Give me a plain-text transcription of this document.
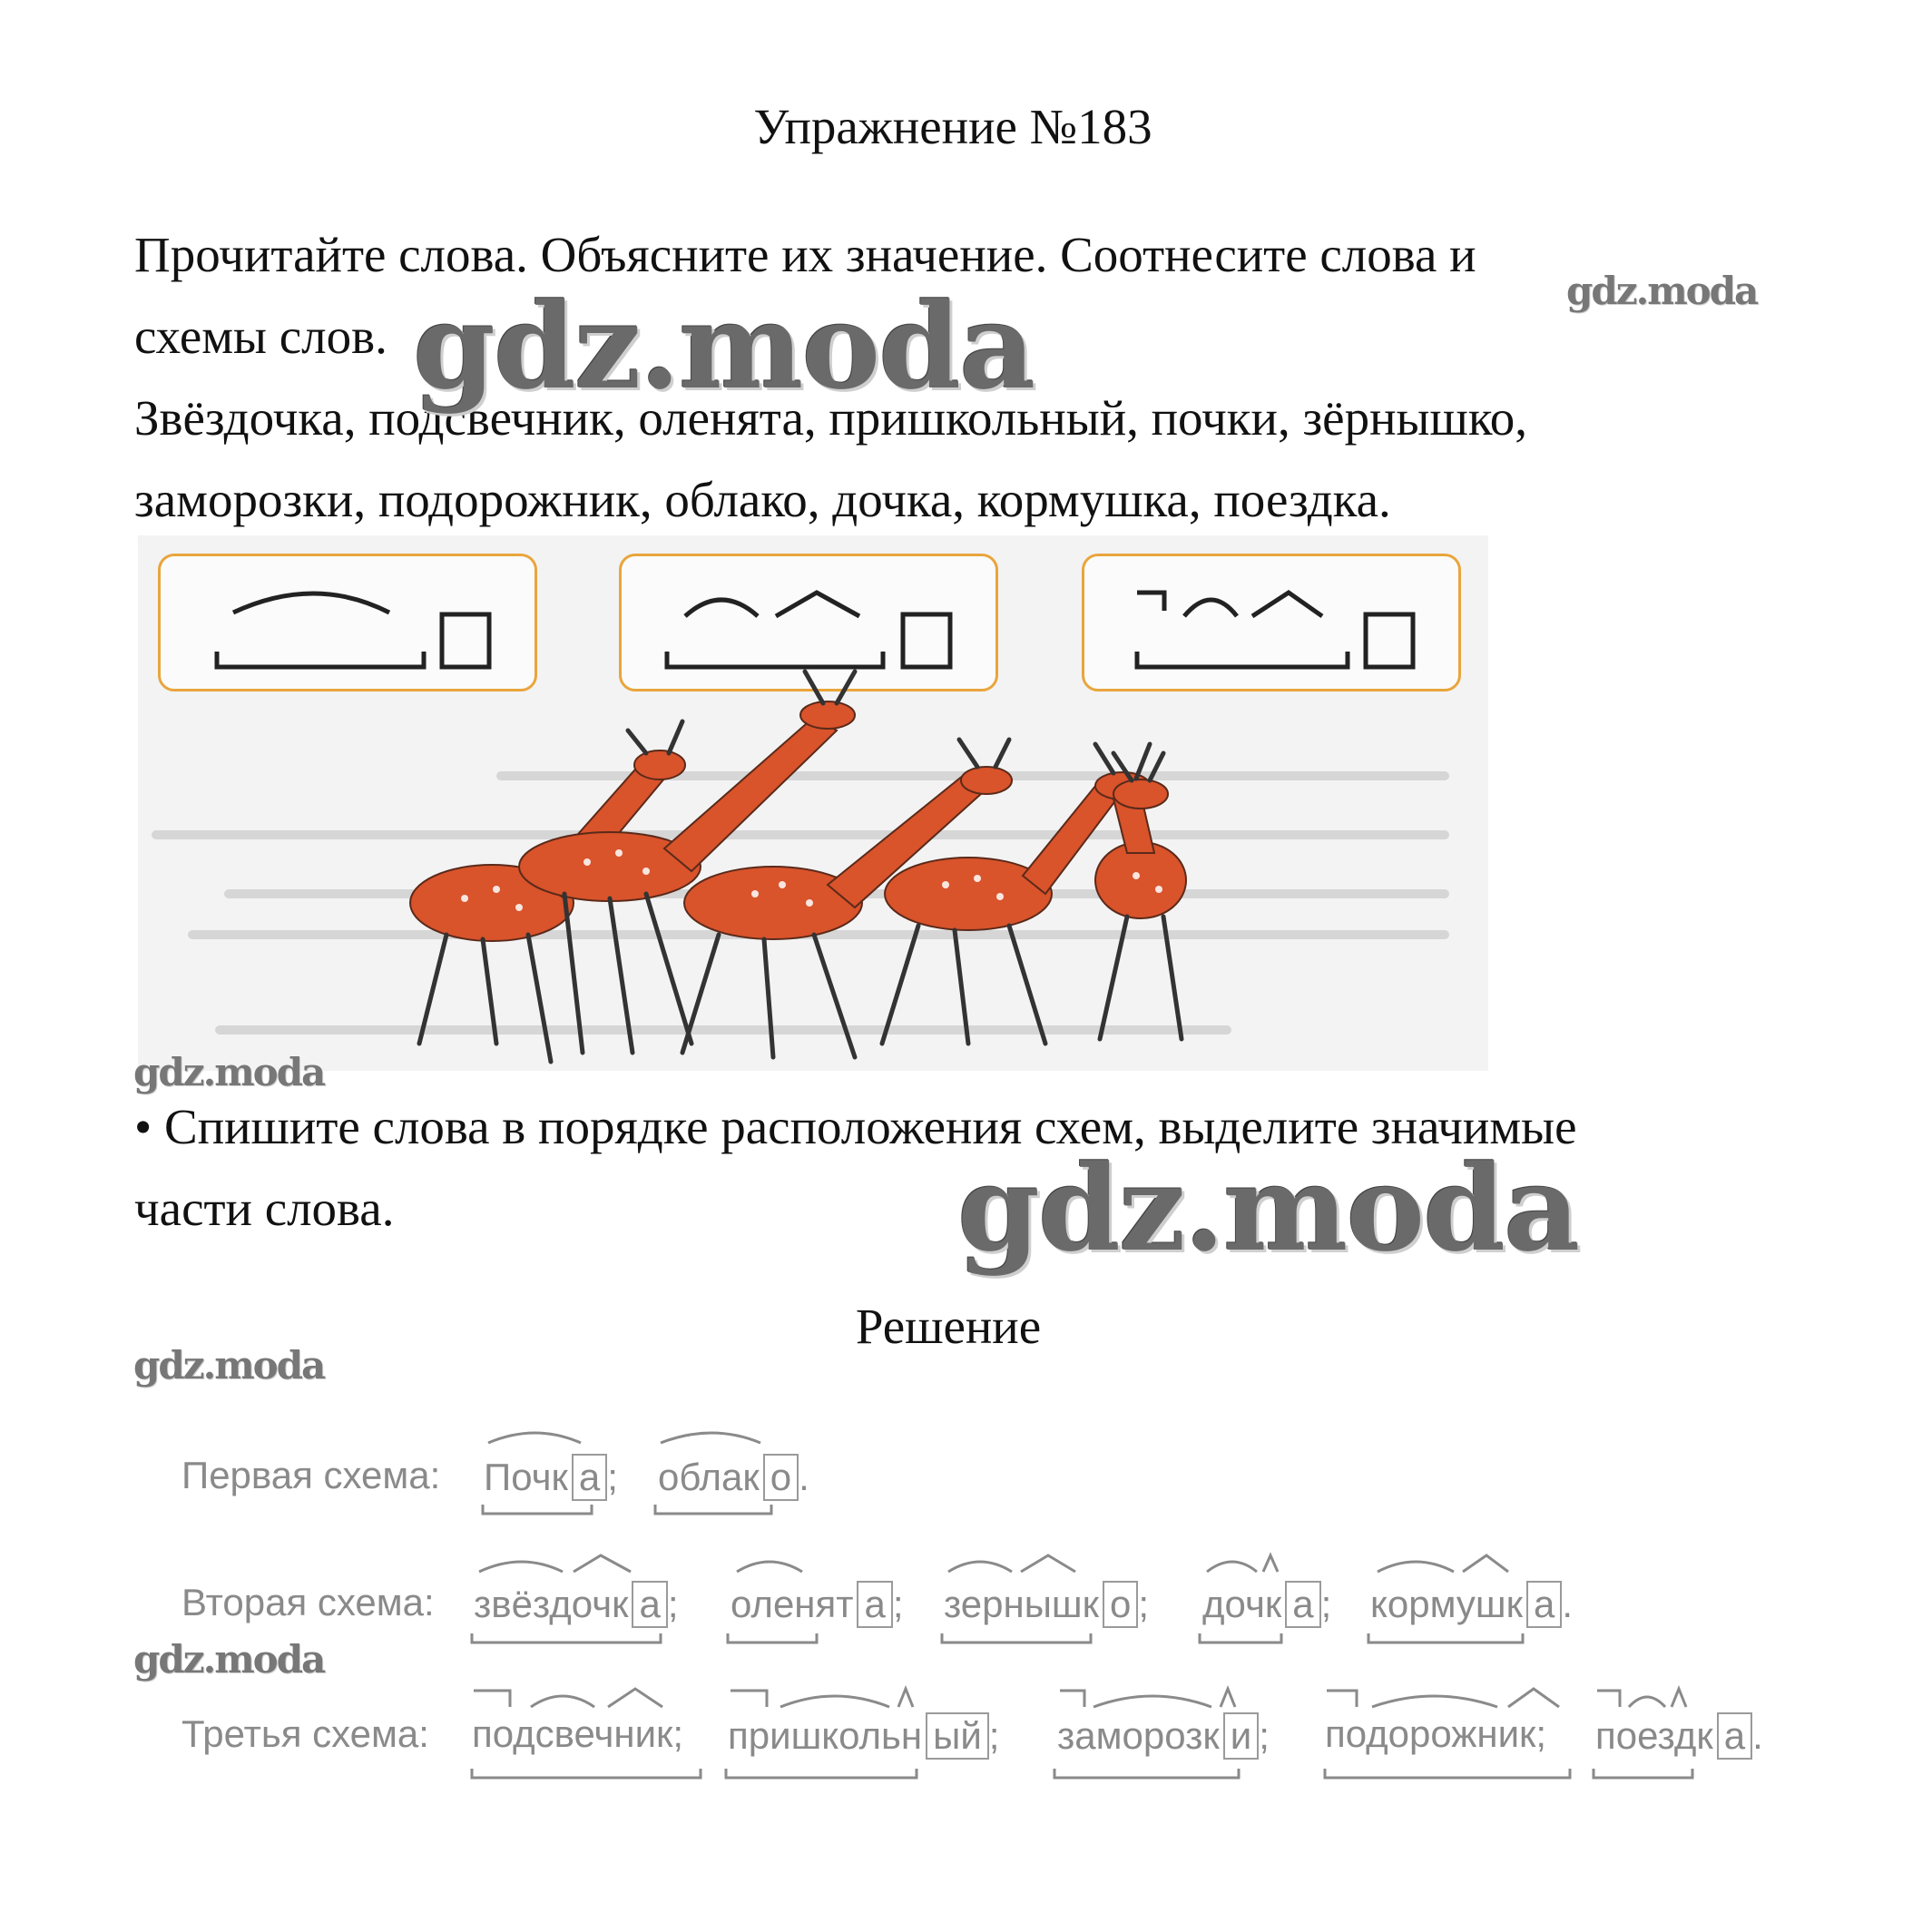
Упражнение №183
Прочитайте слова. Объясните их значение. Соотнесите слова и
схемы слов.
Звёздочка, подсвечник, оленята, пришкольный, почки, зёрнышко,
заморозки, подорожник, облако, дочка, кормушка, поездка.
• Спишите слова в порядке расположения схем, выделите значимые
части слова.
Решение
gdz.moda
gdz.moda
gdz.moda
gdz.moda
gdz.moda
gdz.moda
Первая схема: Почк а ; облак о .
Вторая схема: звёздочк а ; оленят а ; зернышк о ; дочк а ; кормушк а .
Третья схема: подсвечник; пришкольн ый ; заморозк и ; подорожник; поездк а .
